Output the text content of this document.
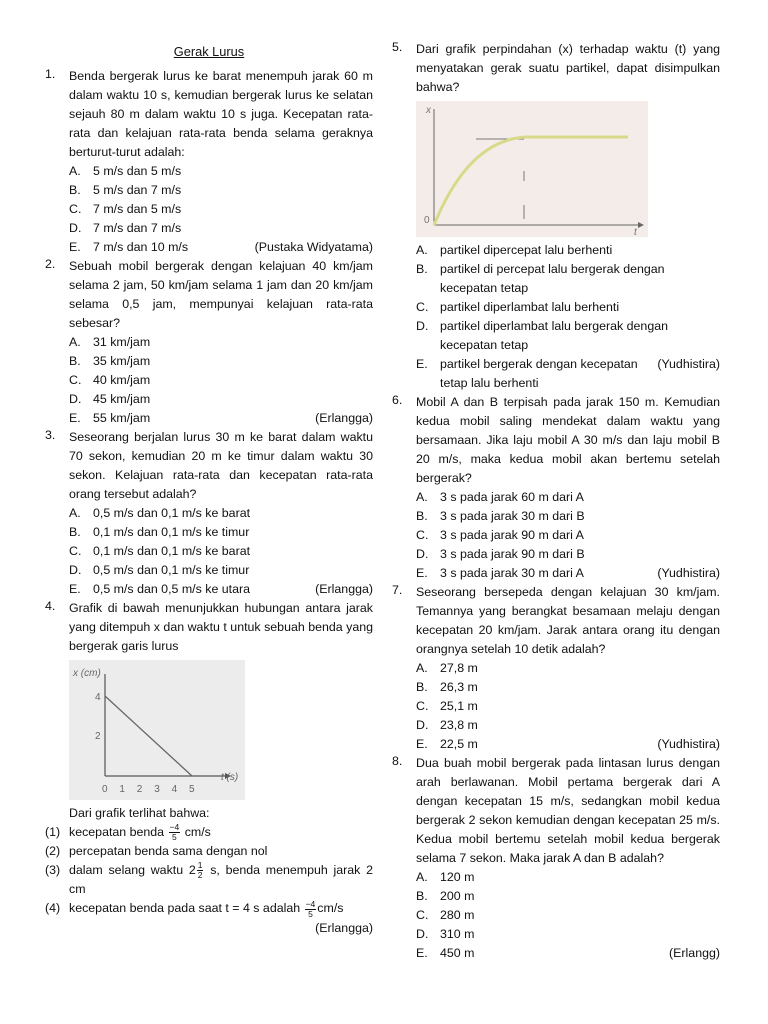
Gerak Lurus
1.	Benda bergerak lurus ke barat menempuh jarak 60 m dalam waktu 10 s, kemudian bergerak lurus ke selatan sejauh 80 m dalam waktu 10 s juga. Kecepatan rata-rata dan kelajuan rata-rata benda selama geraknya berturut-turut adalah:
A. 5 m/s dan 5 m/s
B. 5 m/s dan 7 m/s
C. 7 m/s dan 5 m/s
D. 7 m/s dan 7 m/s
E. 7 m/s dan 10 m/s	(Pustaka Widyatama)
2.	Sebuah mobil bergerak dengan kelajuan 40 km/jam selama 2 jam, 50 km/jam selama 1 jam dan 20 km/jam selama 0,5 jam, mempunyai kelajuan rata-rata sebesar?
A. 31 km/jam
B. 35 km/jam
C. 40 km/jam
D. 45 km/jam
E. 55 km/jam	(Erlangga)
3.	Seseorang berjalan lurus 30 m ke barat dalam waktu 70 sekon, kemudian 20 m ke timur dalam waktu 30 sekon. Kelajuan rata-rata dan kecepatan rata-rata orang tersebut adalah?
A. 0,5 m/s dan 0,1 m/s ke barat
B. 0,1 m/s dan 0,1 m/s ke timur
C. 0,1 m/s dan 0,1 m/s ke barat
D. 0,5 m/s dan 0,1 m/s ke timur
E. 0,5 m/s dan 0,5 m/s ke utara	(Erlangga)
4.	Grafik di bawah menunjukkan hubungan antara jarak yang ditempuh x dan waktu t untuk sebuah benda yang bergerak garis lurus
x (cm)
t (s)
4
2
0 1 2 3 4 5
Dari grafik terlihat bahwa:
(1) kecepatan benda $\frac{-4}{5} cm/s$
(2) percepatan benda sama dengan nol
(3) dalam selang waktu $2 \frac{1}{2} s$, benda menempuh jarak 2 cm
(4) kecepatan benda pada saat t = 4 s adalah $\frac{-4}{5} cm/s$
(Erlangga)
5.	Dari grafik perpindahan (x) terhadap waktu (t) yang menyatakan gerak suatu partikel, dapat disimpulkan bahwa?
x
t
0
A. partikel dipercepat lalu berhenti
B. partikel di percepat lalu bergerak dengan kecepatan tetap
C. partikel diperlambat lalu berhenti
D. partikel diperlambat lalu bergerak dengan kecepatan tetap
E. partikel bergerak dengan kecepatan tetap lalu berhenti
(Yudhistira)
6.	Mobil A dan B terpisah pada jarak 150 m. Kemudian kedua mobil saling mendekat dalam waktu yang bersamaan. Jika laju mobil A 30 m/s dan laju mobil B 20 m/s, maka kedua mobil akan bertemu setelah bergerak?
A. 3 s pada jarak 60 m dari A
B. 3 s pada jarak 30 m dari B
C. 3 s pada jarak 90 m dari A
D. 3 s pada jarak 90 m dari B
E. 3 s pada jarak 30 m dari A	(Yudhistira)
7.	Seseorang bersepeda dengan kelajuan 30 km/jam. Temannya yang berangkat besamaan melaju dengan kecepatan 20 km/jam. Jarak antara orang itu dengan orangnya setelah 10 detik adalah?
A. 27,8 m
B. 26,3 m
C. 25,1 m
D. 23,8 m
E. 22,5 m	(Yudhistira)
8.	Dua buah mobil bergerak pada lintasan lurus dengan arah berlawanan. Mobil pertama bergerak dari A dengan kecepatan 15 m/s, sedangkan mobil kedua bergerak 2 sekon kemudian dengan kecepatan 25 m/s. Kedua mobil bertemu setelah mobil kedua bergerak selama 7 sekon. Maka jarak A dan B adalah?
A. 120 m
B. 200 m
C. 280 m
D. 310 m
E. 450 m	(Erlangg)
